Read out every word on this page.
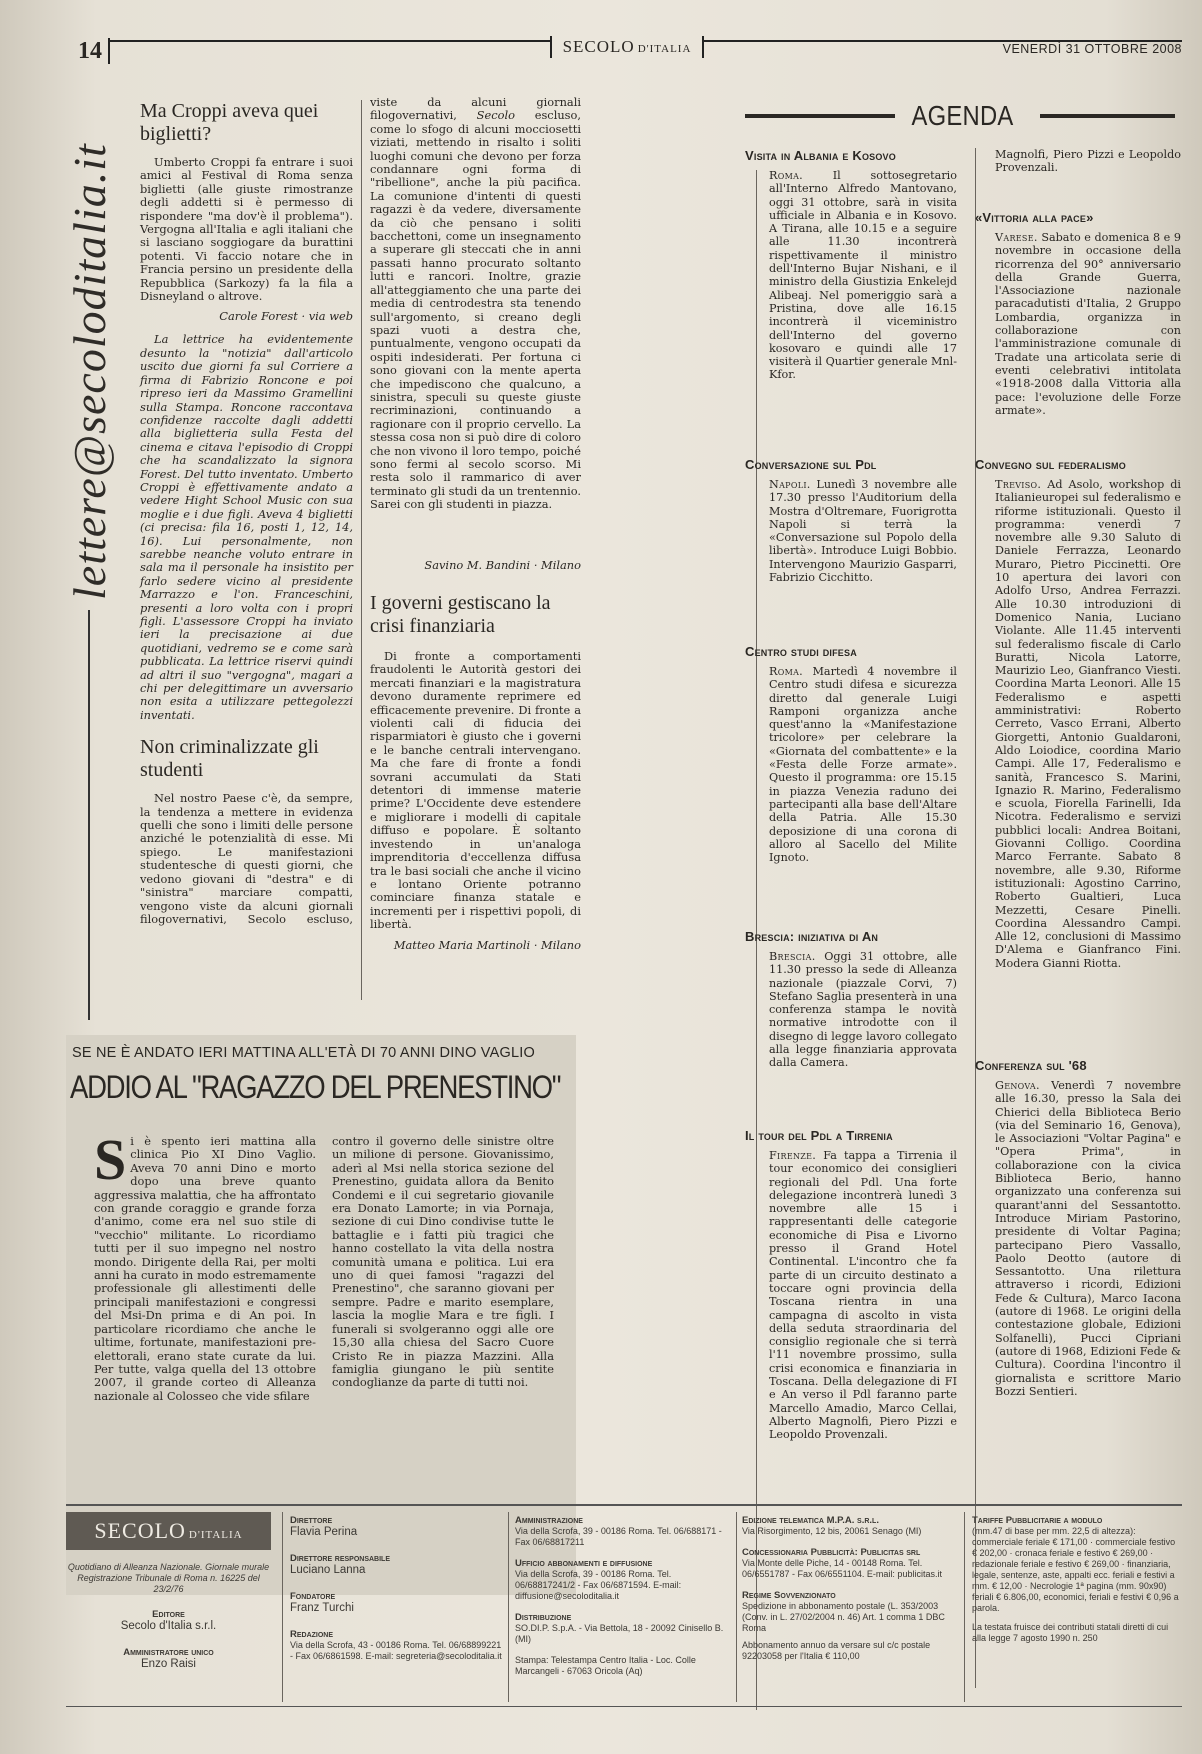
14	SECOLO D'ITALIA	VENERDÌ 31 OTTOBRE 2008
lettere@secoloditalia.it
Ma Croppi aveva quei biglietti?

Umberto Croppi fa entrare i suoi amici al Festival di Roma senza biglietti (alle giuste rimostranze degli addetti si è permesso di rispondere "ma dov'è il problema"). Vergogna all'Italia e agli italiani che si lasciano soggiogare da burattini potenti. Vi faccio notare che in Francia persino un presidente della Repubblica (Sarkozy) fa la fila a Disneyland o altrove.

Carole Forest · via web

La lettrice ha evidentemente desunto la "notizia" dall'articolo uscito due giorni fa sul Corriere a firma di Fabrizio Roncone e poi ripreso ieri da Massimo Gramellini sulla Stampa. Roncone raccontava confidenze raccolte dagli addetti alla biglietteria sulla Festa del cinema e citava l'episodio di Croppi che ha scandalizzato la signora Forest. Del tutto inventato. Umberto Croppi è effettivamente andato a vedere Hight School Music con sua moglie e i due figli. Aveva 4 biglietti (ci precisa: fila 16, posti 1, 12, 14, 16). Lui personalmente, non sarebbe neanche voluto entrare in sala ma il personale ha insistito per farlo sedere vicino al presidente Marrazzo e l'on. Franceschini, presenti a loro volta con i propri figli. L'assessore Croppi ha inviato ieri la precisazione ai due quotidiani, vedremo se e come sarà pubblicata. La lettrice riservi quindi ad altri il suo "vergogna", magari a chi per delegittimare un avversario non esita a utilizzare pettegolezzi inventati.

Non criminalizzate gli studenti

Nel nostro Paese c'è, da sempre, la tendenza a mettere in evidenza quelli che sono i limiti delle persone anziché le potenzialità di esse. Mi spiego. Le manifestazioni studentesche di questi giorni, che vedono giovani di "destra" e di "sinistra" marciare compatti, vengono viste da alcuni giornali filogovernativi, Secolo escluso,

viste da alcuni giornali filogovernativi, Secolo escluso, come lo sfogo di alcuni mocciosetti viziati, mettendo in risalto i soliti luoghi comuni che devono per forza condannare ogni forma di "ribellione", anche la più pacifica. La comunione d'intenti di questi ragazzi è da vedere, diversamente da ciò che pensano i soliti bacchettoni, come un insegnamento a superare gli steccati che in anni passati hanno procurato soltanto lutti e rancori. Inoltre, grazie all'atteggiamento che una parte dei media di centrodestra sta tenendo sull'argomento, si creano degli spazi vuoti a destra che, puntualmente, vengono occupati da ospiti indesiderati. Per fortuna ci sono giovani con la mente aperta che impediscono che qualcuno, a sinistra, speculi su queste giuste recriminazioni, continuando a ragionare con il proprio cervello. La stessa cosa non si può dire di coloro che non vivono il loro tempo, poiché sono fermi al secolo scorso. Mi resta solo il rammarico di aver terminato gli studi da un trentennio. Sarei con gli studenti in piazza.

Savino M. Bandini · Milano
I governi gestiscano la crisi finanziaria

Di fronte a comportamenti fraudolenti le Autorità gestori dei mercati finanziari e la magistratura devono duramente reprimere ed efficacemente prevenire. Di fronte a violenti cali di fiducia dei risparmiatori è giusto che i governi e le banche centrali intervengano. Ma che fare di fronte a fondi sovrani accumulati da Stati detentori di immense materie prime? L'Occidente deve estendere e migliorare i modelli di capitale diffuso e popolare. È soltanto investendo in un'analoga imprenditoria d'eccellenza diffusa tra le basi sociali che anche il vicino e lontano Oriente potranno cominciare finanza statale e incrementi per i rispettivi popoli, di libertà.

Matteo Maria Martinoli · Milano
SE NE È ANDATO IERI MATTINA ALL'ETÀ DI 70 ANNI DINO VAGLIO
ADDIO AL "RAGAZZO DEL PRENESTINO"
Si è spento ieri mattina alla clinica Pio XI Dino Vaglio. Aveva 70 anni Dino e morto dopo una breve quanto aggressiva malattia, che ha affrontato con grande coraggio e grande forza d'animo, come era nel suo stile di "vecchio" militante. Lo ricordiamo tutti per il suo impegno nel nostro mondo. Dirigente della Rai, per molti anni ha curato in modo estremamente professionale gli allestimenti delle principali manifestazioni e congressi del Msi-Dn prima e di An poi. In particolare ricordiamo che anche le ultime, fortunate, manifestazioni pre-elettorali, erano state curate da lui. Per tutte, valga quella del 13 ottobre 2007, il grande corteo di Alleanza nazionale al Colosseo che vide sfilare
contro il governo delle sinistre oltre un milione di persone. Giovanissimo, aderì al Msi nella storica sezione del Prenestino, guidata allora da Benito Condemi e il cui segretario giovanile era Donato Lamorte; in via Pornaja, sezione di cui Dino condivise tutte le battaglie e i fatti più tragici che hanno costellato la vita della nostra comunità umana e politica. Lui era uno di quei famosi "ragazzi del Prenestino", che saranno giovani per sempre. Padre e marito esemplare, lascia la moglie Mara e tre figli. I funerali si svolgeranno oggi alle ore 15,30 alla chiesa del Sacro Cuore Cristo Re in piazza Mazzini. Alla famiglia giungano le più sentite condoglianze da parte di tutti noi.
AGENDA
Visita in Albania e Kosovo
Roma.	Il sottosegretario all'Interno Alfredo Mantovano, oggi 31 ottobre, sarà in visita ufficiale in Albania e in Kosovo. A Tirana, alle 10.15 e a seguire alle 11.30 incontrerà rispettivamente il ministro dell'Interno Bujar Nishani, e il ministro della Giustizia Enkelejd Alibeaj. Nel pomeriggio sarà a Pristina, dove alle 16.15 incontrerà il viceministro dell'Interno del governo kosovaro e quindi alle 17 visiterà il Quartier generale Mnl-Kfor.
Conversazione sul Pdl
Napoli. Lunedì 3 novembre alle 17.30 presso l'Auditorium della Mostra d'Oltremare, Fuorigrotta Napoli si terrà la «Conversazione sul Popolo della libertà». Introduce Luigi Bobbio. Intervengono Maurizio Gasparri, Fabrizio Cicchitto.
Centro studi difesa
Roma. Martedì 4 novembre il Centro studi difesa e sicurezza diretto dal generale Luigi Ramponi organizza anche quest'anno la «Manifestazione tricolore» per celebrare la «Giornata del combattente» e la «Festa delle Forze armate». Questo il programma: ore 15.15 in piazza Venezia raduno dei partecipanti alla base dell'Altare della Patria. Alle 15.30 deposizione di una corona di alloro al Sacello del Milite Ignoto.
Brescia: iniziativa di An
Brescia. Oggi 31 ottobre, alle 11.30 presso la sede di Alleanza nazionale (piazzale Corvi, 7) Stefano Saglia presenterà in una conferenza stampa le novità normative introdotte con il disegno di legge lavoro collegato alla legge finanziaria approvata dalla Camera.
Il tour del Pdl a Tirrenia
Firenze. Fa tappa a Tirrenia il tour economico dei consiglieri regionali del Pdl. Una forte delegazione incontrerà lunedì 3 novembre alle 15 i rappresentanti delle categorie economiche di Pisa e Livorno presso il Grand Hotel Continental. L'incontro che fa parte di un circuito destinato a toccare ogni provincia della Toscana rientra in una campagna di ascolto in vista della seduta straordinaria del consiglio regionale che si terrà l'11 novembre prossimo, sulla crisi economica e finanziaria in Toscana. Della delegazione di FI e An verso il Pdl faranno parte Marcello Amadio, Marco Cellai, Alberto Magnolfi, Piero Pizzi e Leopoldo Provenzali.
Magnolfi, Piero Pizzi e Leopoldo Provenzali.
«Vittoria alla pace»
Varese. Sabato e domenica 8 e 9 novembre in occasione della ricorrenza del 90° anniversario della Grande Guerra, l'Associazione nazionale paracadutisti d'Italia, 2 Gruppo Lombardia, organizza in collaborazione con l'amministrazione comunale di Tradate una articolata serie di eventi celebrativi intitolata «1918-2008 dalla Vittoria alla pace: l'evoluzione delle Forze armate».
Convegno sul federalismo
Treviso. Ad Asolo, workshop di Italianieuropei sul federalismo e riforme istituzionali. Questo il programma: venerdì 7 novembre alle 9.30 Saluto di Daniele Ferrazza, Leonardo Muraro, Pietro Piccinetti. Ore 10 apertura dei lavori con Adolfo Urso, Andrea Ferrazzi. Alle 10.30 introduzioni di Domenico Nania, Luciano Violante. Alle 11.45 interventi sul federalismo fiscale di Carlo Buratti, Nicola Latorre, Maurizio Leo, Gianfranco Viesti. Coordina Marta Leonori. Alle 15 Federalismo e aspetti amministrativi: Roberto Cerreto, Vasco Errani, Alberto Giorgetti, Antonio Gualdaroni, Aldo Loiodice, coordina Mario Campi. Alle 17, Federalismo e sanità, Francesco S. Marini, Ignazio R. Marino, Federalismo e scuola, Fiorella Farinelli, Ida Nicotra. Federalismo e servizi pubblici locali: Andrea Boitani, Giovanni Colligo. Coordina Marco Ferrante. Sabato 8 novembre, alle 9.30, Riforme istituzionali: Agostino Carrino, Roberto Gualtieri, Luca Mezzetti, Cesare Pinelli. Coordina Alessandro Campi. Alle 12, conclusioni di Massimo D'Alema e Gianfranco Fini. Modera Gianni Riotta.
Conferenza sul '68
Genova. Venerdì 7 novembre alle 16.30, presso la Sala dei Chierici della Biblioteca Berio (via del Seminario 16, Genova), le Associazioni "Voltar Pagina" e "Opera Prima", in collaborazione con la civica Biblioteca Berio, hanno organizzato una conferenza sui quarant'anni del Sessantotto. Introduce Miriam Pastorino, presidente di Voltar Pagina; partecipano Piero Vassallo, Paolo Deotto (autore di Sessantotto. Una rilettura attraverso i ricordi, Edizioni Fede & Cultura), Marco Iacona (autore di 1968. Le origini della contestazione globale, Edizioni Solfanelli), Pucci Cipriani (autore di 1968, Edizioni Fede & Cultura). Coordina l'incontro il giornalista e scrittore Mario Bozzi Sentieri.
SECOLO D'ITALIA
Quotidiano di Alleanza Nazionale. Giornale murale Registrazione Tribunale di Roma n. 16225 del 23/2/76
Editore
Secolo d'Italia s.r.l.
Amministratore unico
Enzo Raisi
Direttore
Flavia Perina
Direttore responsabile
Luciano Lanna
Fondatore
Franz Turchi
Redazione
Via della Scrofa, 43 - 00186 Roma. Tel. 06/68899221 - Fax 06/6861598. E-mail: segreteria@secoloditalia.it
Amministrazione
Via della Scrofa, 39 - 00186 Roma. Tel. 06/688171 - Fax 06/68817211
Ufficio abbonamenti e diffusione
Via della Scrofa, 39 - 00186 Roma. Tel. 06/68817241/2 - Fax 06/6871594. E-mail: diffusione@secoloditalia.it
Distribuzione
SO.DI.P. S.p.A. - Via Bettola, 18 - 20092 Cinisello B. (MI)
Stampa: Telestampa Centro Italia - Loc. Colle Marcangeli - 67063 Oricola (Aq)
Edizione telematica M.P.A. s.r.l.
Via Risorgimento, 12 bis, 20061 Senago (MI)
Concessionaria Pubblicità: Publicitas srl
Via Monte delle Piche, 14 - 00148 Roma. Tel. 06/6551787 - Fax 06/6551104. E-mail: publicitas.it
Regime Sovvenzionato
Spedizione in abbonamento postale (L. 353/2003 (Conv. in L. 27/02/2004 n. 46) Art. 1 comma 1 DBC Roma
Abbonamento annuo da versare sul c/c postale 92203058 per l'Italia € 110,00
Tariffe Pubblicitarie a modulo
(mm.47 di base per mm. 22,5 di altezza): commerciale feriale € 171,00 · commerciale festivo € 202,00 · cronaca feriale e festivo € 269,00 · redazionale feriale e festivo € 269,00 · finanziaria, legale, sentenze, aste, appalti ecc. feriali e festivi a mm. € 12,00 · Necrologie 1ª pagina (mm. 90x90) feriali € 6.806,00, economici, feriali e festivi € 0,96 a parola.
La testata fruisce dei contributi statali diretti di cui alla legge 7 agosto 1990 n. 250
